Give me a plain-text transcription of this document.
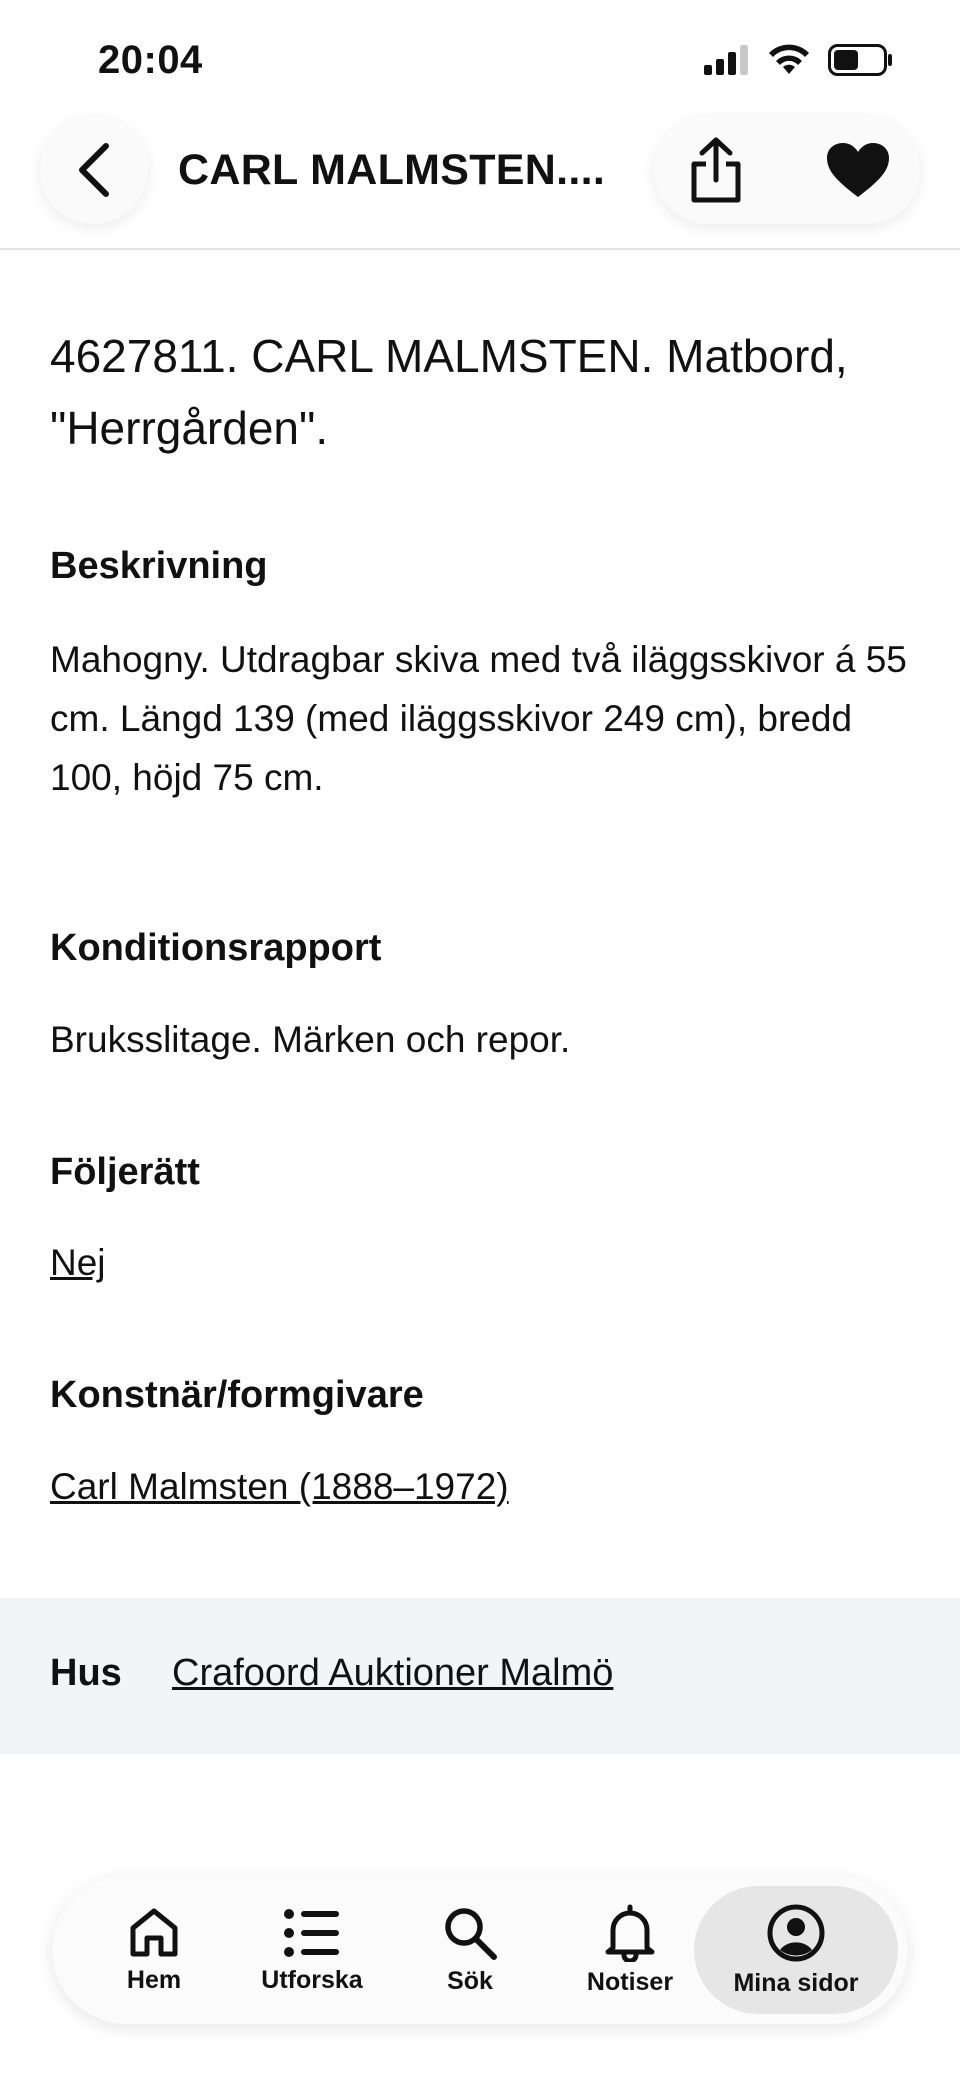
20:04
CARL MALMSTEN....
4627811. CARL MALMSTEN. Matbord, "Herrgården".
Beskrivning

Mahogny. Utdragbar skiva med två iläggsskivor á 55 cm. Längd 139 (med iläggsskivor 249 cm), bredd 100, höjd 75 cm.

Konditionsrapport

Bruksslitage. Märken och repor.

Följerätt

Nej

Konstnär/formgivare

Carl Malmsten (1888–1972)

Hus Crafoord Auktioner Malmö
Hem	Utforska	Sök	Notiser Mina sidor
